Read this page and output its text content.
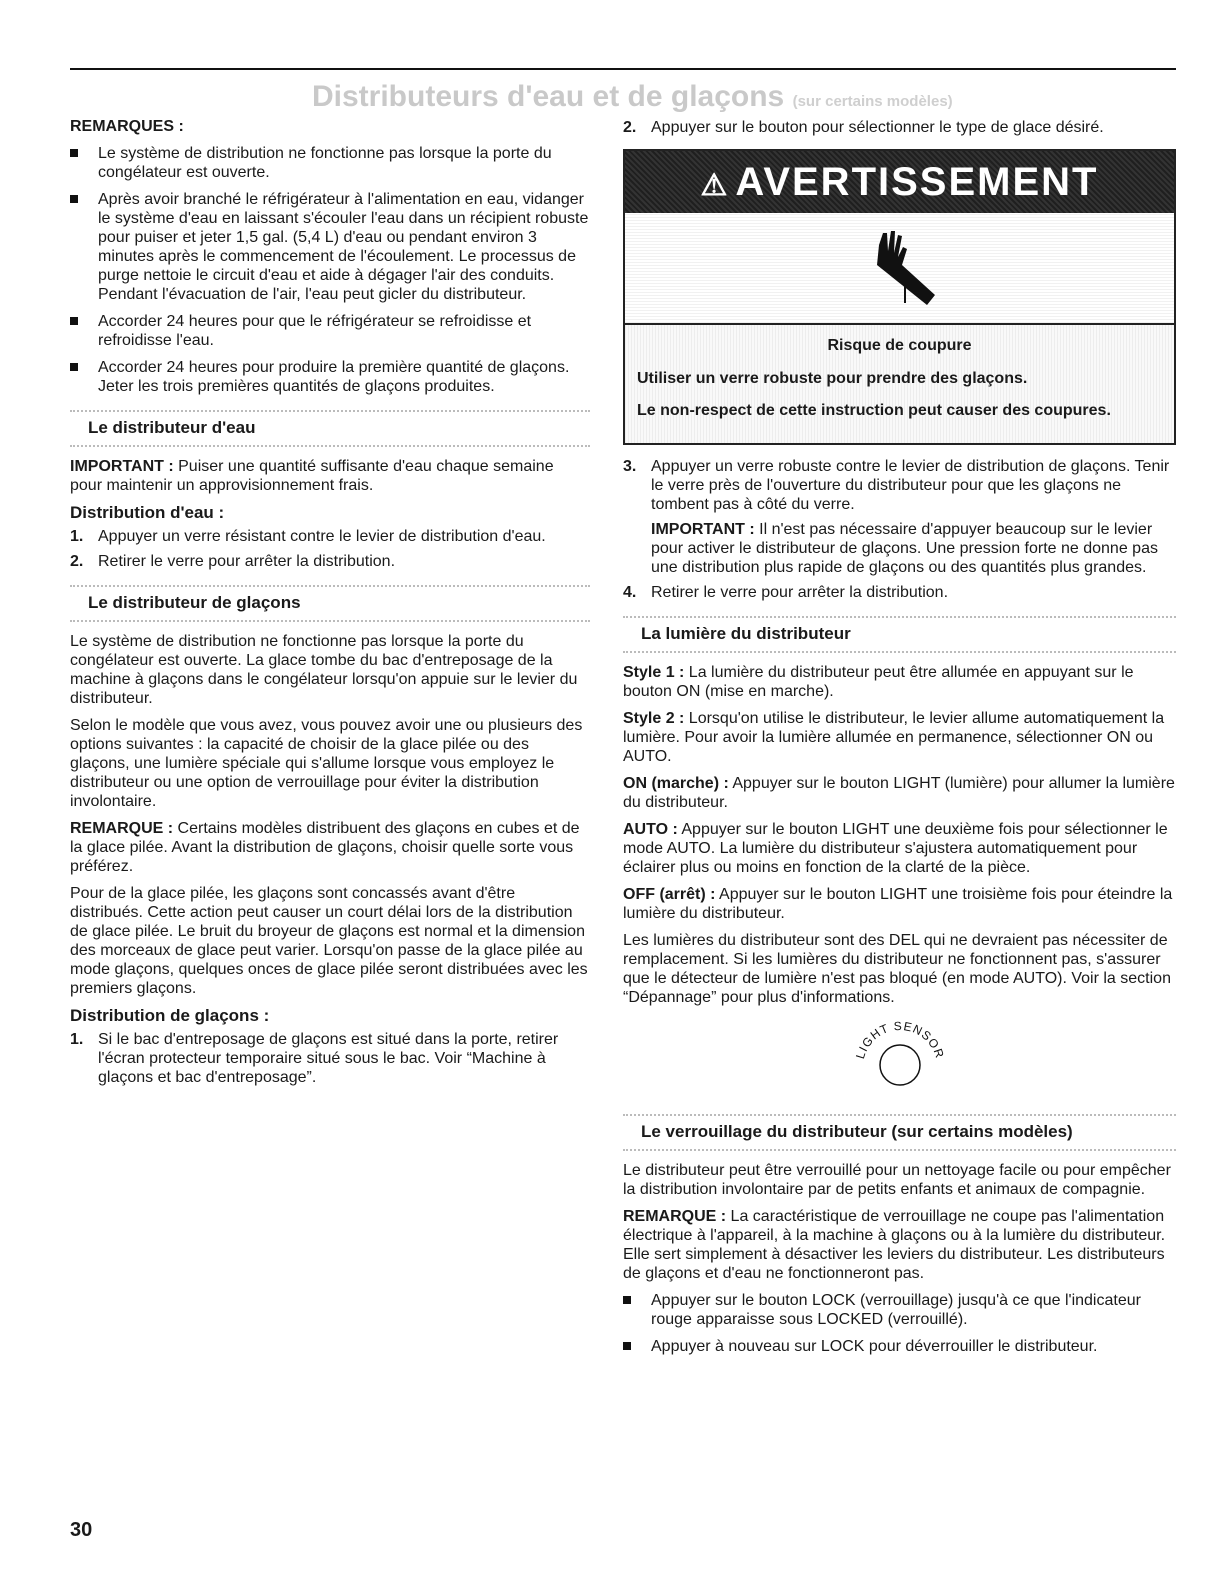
Distributeurs d'eau et de glaçons (sur certains modèles)
REMARQUES :
Le système de distribution ne fonctionne pas lorsque la porte du congélateur est ouverte.
Après avoir branché le réfrigérateur à l'alimentation en eau, vidanger le système d'eau en laissant s'écouler l'eau dans un récipient robuste pour puiser et jeter 1,5 gal. (5,4 L) d'eau ou pendant environ 3 minutes après le commencement de l'écoulement. Le processus de purge nettoie le circuit d'eau et aide à dégager l'air des conduits. Pendant l'évacuation de l'air, l'eau peut gicler du distributeur.
Accorder 24 heures pour que le réfrigérateur se refroidisse et refroidisse l'eau.
Accorder 24 heures pour produire la première quantité de glaçons. Jeter les trois premières quantités de glaçons produites.
Le distributeur d'eau

IMPORTANT : Puiser une quantité suffisante d'eau chaque semaine pour maintenir un approvisionnement frais.

Distribution d'eau :
1. Appuyer un verre résistant contre le levier de distribution d'eau.
2. Retirer le verre pour arrêter la distribution.
Le distributeur de glaçons

Le système de distribution ne fonctionne pas lorsque la porte du congélateur est ouverte. La glace tombe du bac d'entreposage de la machine à glaçons dans le congélateur lorsqu'on appuie sur le levier du distributeur.

Selon le modèle que vous avez, vous pouvez avoir une ou plusieurs des options suivantes : la capacité de choisir de la glace pilée ou des glaçons, une lumière spéciale qui s'allume lorsque vous employez le distributeur ou une option de verrouillage pour éviter la distribution involontaire.

REMARQUE : Certains modèles distribuent des glaçons en cubes et de la glace pilée. Avant la distribution de glaçons, choisir quelle sorte vous préférez.

Pour de la glace pilée, les glaçons sont concassés avant d'être distribués. Cette action peut causer un court délai lors de la distribution de glace pilée. Le bruit du broyeur de glaçons est normal et la dimension des morceaux de glace peut varier. Lorsqu'on passe de la glace pilée au mode glaçons, quelques onces de glace pilée seront distribuées avec les premiers glaçons.

Distribution de glaçons :
1. Si le bac d'entreposage de glaçons est situé dans la porte, retirer l'écran protecteur temporaire situé sous le bac. Voir “Machine à glaçons et bac d'entreposage”.
2. Appuyer sur le bouton pour sélectionner le type de glace désiré.
⚠ AVERTISSEMENT
Risque de coupure
Utiliser un verre robuste pour prendre des glaçons.
Le non-respect de cette instruction peut causer des coupures.
3. Appuyer un verre robuste contre le levier de distribution de glaçons. Tenir le verre près de l'ouverture du distributeur pour que les glaçons ne tombent pas à côté du verre.
IMPORTANT : Il n'est pas nécessaire d'appuyer beaucoup sur le levier pour activer le distributeur de glaçons. Une pression forte ne donne pas une distribution plus rapide de glaçons ou des quantités plus grandes.
4. Retirer le verre pour arrêter la distribution.
La lumière du distributeur

Style 1 : La lumière du distributeur peut être allumée en appuyant sur le bouton ON (mise en marche).

Style 2 : Lorsqu'on utilise le distributeur, le levier allume automatiquement la lumière. Pour avoir la lumière allumée en permanence, sélectionner ON ou AUTO.

ON (marche) : Appuyer sur le bouton LIGHT (lumière) pour allumer la lumière du distributeur.

AUTO : Appuyer sur le bouton LIGHT une deuxième fois pour sélectionner le mode AUTO. La lumière du distributeur s'ajustera automatiquement pour éclairer plus ou moins en fonction de la clarté de la pièce.

OFF (arrêt) : Appuyer sur le bouton LIGHT une troisième fois pour éteindre la lumière du distributeur.

Les lumières du distributeur sont des DEL qui ne devraient pas nécessiter de remplacement. Si les lumières du distributeur ne fonctionnent pas, s'assurer que le détecteur de lumière n'est pas bloqué (en mode AUTO). Voir la section “Dépannage” pour plus d'informations.

LIGHT SENSOR
Le verrouillage du distributeur (sur certains modèles)

Le distributeur peut être verrouillé pour un nettoyage facile ou pour empêcher la distribution involontaire par de petits enfants et animaux de compagnie.

REMARQUE : La caractéristique de verrouillage ne coupe pas l'alimentation électrique à l'appareil, à la machine à glaçons ou à la lumière du distributeur. Elle sert simplement à désactiver les leviers du distributeur. Les distributeurs de glaçons et d'eau ne fonctionneront pas.

Appuyer sur le bouton LOCK (verrouillage) jusqu'à ce que l'indicateur rouge apparaisse sous LOCKED (verrouillé).
Appuyer à nouveau sur LOCK pour déverrouiller le distributeur.
30
